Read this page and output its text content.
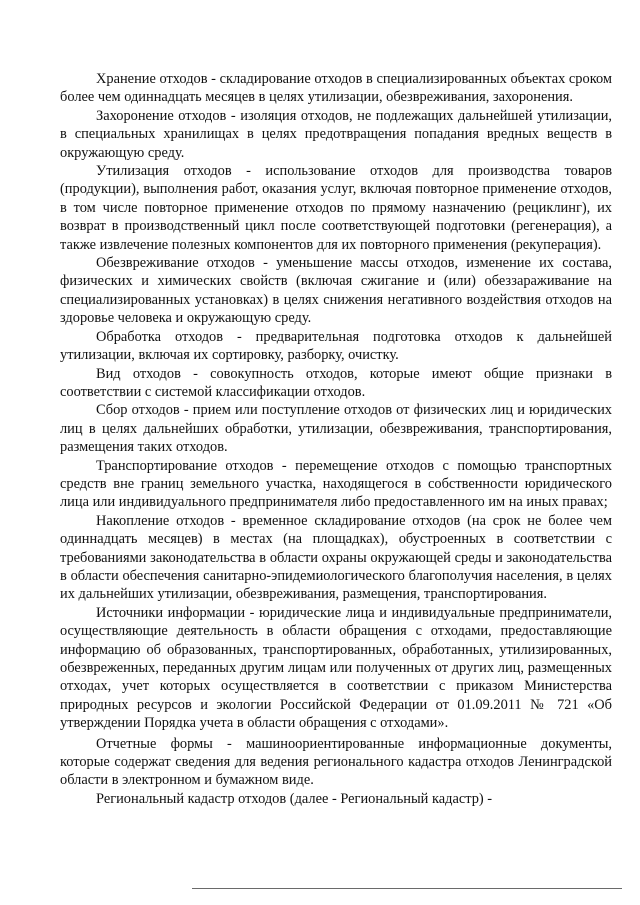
Хранение отходов - складирование отходов в специализированных объектах сроком более чем одиннадцать месяцев в целях утилизации, обезвреживания, захоронения.

Захоронение отходов - изоляция отходов, не подлежащих дальнейшей утилизации, в специальных хранилищах в целях предотвращения попадания вредных веществ в окружающую среду.

Утилизация отходов - использование отходов для производства товаров (продукции), выполнения работ, оказания услуг, включая повторное применение отходов, в том числе повторное применение отходов по прямому назначению (рециклинг), их возврат в производственный цикл после соответствующей подготовки (регенерация), а также извлечение полезных компонентов для их повторного применения (рекуперация).

Обезвреживание отходов - уменьшение массы отходов, изменение их состава, физических и химических свойств (включая сжигание и (или) обеззараживание на специализированных установках) в целях снижения негативного воздействия отходов на здоровье человека и окружающую среду.

Обработка отходов - предварительная подготовка отходов к дальнейшей утилизации, включая их сортировку, разборку, очистку.

Вид отходов - совокупность отходов, которые имеют общие признаки в соответствии с системой классификации отходов.

Сбор отходов - прием или поступление отходов от физических лиц и юридических лиц в целях дальнейших обработки, утилизации, обезвреживания, транспортирования, размещения таких отходов.

Транспортирование отходов - перемещение отходов с помощью транспортных средств вне границ земельного участка, находящегося в собственности юридического лица или индивидуального предпринимателя либо предоставленного им на иных правах;

Накопление отходов - временное складирование отходов (на срок не более чем одиннадцать месяцев) в местах (на площадках), обустроенных в соответствии с требованиями законодательства в области охраны окружающей среды и законодательства в области обеспечения санитарно-эпидемиологического благополучия населения, в целях их дальнейших утилизации, обезвреживания, размещения, транспортирования.

Источники информации - юридические лица и индивидуальные предприниматели, осуществляющие деятельность в области обращения с отходами, предоставляющие информацию об образованных, транспортированных, обработанных, утилизированных, обезвреженных, переданных другим лицам или полученных от других лиц, размещенных отходах, учет которых осуществляется в соответствии с приказом Министерства природных ресурсов и экологии Российской Федерации от 01.09.2011 № 721 «Об утверждении Порядка учета в области обращения с отходами».

Отчетные формы - машиноориентированные информационные документы, которые содержат сведения для ведения регионального кадастра отходов Ленинградской области в электронном и бумажном виде.

Региональный кадастр отходов (далее - Региональный кадастр) -
